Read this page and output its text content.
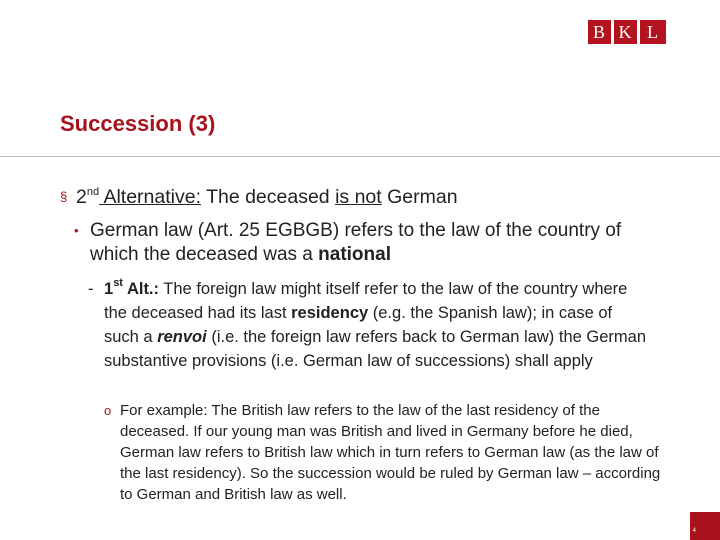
B K L
Succession (3)
§ 2nd Alternative: The deceased is not German
• German law (Art. 25 EGBGB) refers to the law of the country of which the deceased was a national
- 1st Alt.: The foreign law might itself refer to the law of the country where the deceased had its last residency (e.g. the Spanish law); in case of such a renvoi (i.e. the foreign law refers back to German law) the German substantive provisions (i.e. German law of successions) shall apply
o For example: The British law refers to the law of the last residency of the deceased. If our young man was British and lived in Germany before he died, German law refers to British law which in turn refers to German law (as the law of the last residency). So the succession would be ruled by German law – according to German and British law as well.
4
